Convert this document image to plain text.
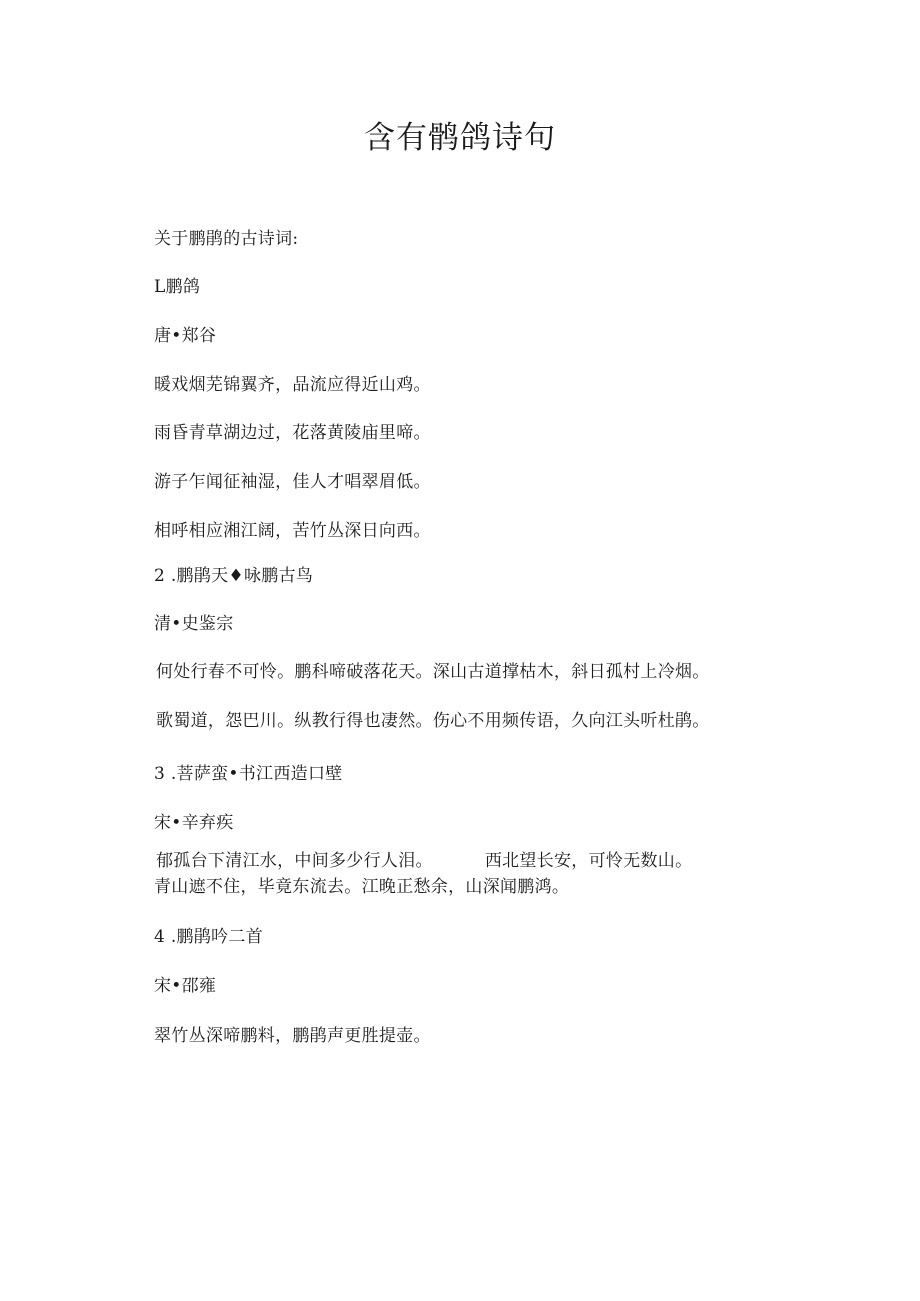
含有鹘鸽诗句
关于鹏鹃的古诗词:
L鹏鸽
唐•郑谷
暖戏烟芜锦翼齐，品流应得近山鸡。
雨昏青草湖边过，花落黄陵庙里啼。
游子乍闻征袖湿，佳人才唱翠眉低。
相呼相应湘江阔，苦竹丛深日向西。
2 .鹏鹃天♦咏鹏古鸟
清•史鉴宗
何处行春不可怜。鹏科啼破落花天。深山古道撑枯木，斜日孤村上冷烟。
歌蜀道，怨巴川。纵教行得也凄然。伤心不用频传语，久向江头听杜鹃。
3 .菩萨蛮•书江西造口壁
宋•辛弃疾
郁孤台下清江水，中间多少行人泪。	西北望长安，可怜无数山。
青山遮不住，毕竟东流去。江晚正愁余，山深闻鹏鸿。
4 .鹏鹃吟二首
宋•邵雍
翠竹丛深啼鹏料，鹏鹃声更胜提壶。
